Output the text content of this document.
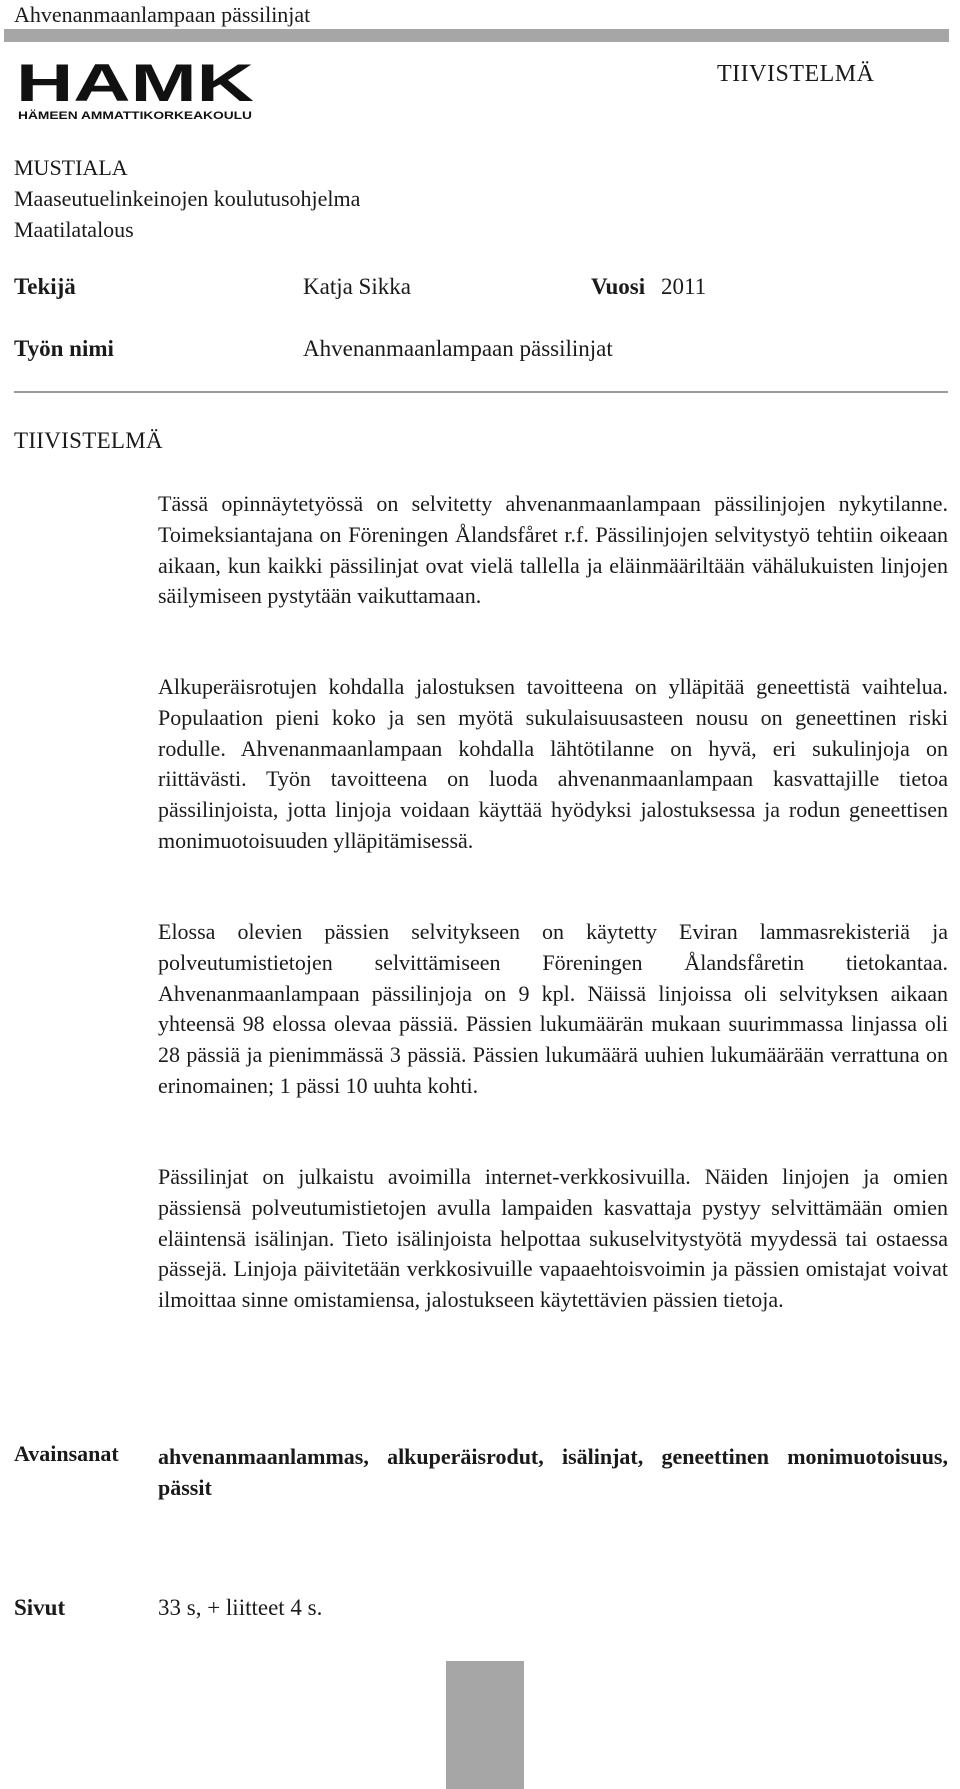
Ahvenanmaanlampaan pässilinjat
HAMK
HÄMEEN AMMATTIKORKEAKOULU
TIIVISTELMÄ
MUSTIALA
Maaseutuelinkeinojen koulutusohjelma
Maatilatalous
Tekijä	Katja Sikka	Vuosi 2011
Työn nimi	Ahvenanmaanlampaan pässilinjat
TIIVISTELMÄ

Tässä opinnäytetyössä on selvitetty ahvenanmaanlampaan pässilinjojen nykytilanne. Toimeksiantajana on Föreningen Ålandsfåret r.f. Pässilinjojen selvitystyö tehtiin oikeaan aikaan, kun kaikki pässilinjat ovat vielä tallella ja eläinmääriltään vähälukuisten linjojen säilymiseen pystytään vaikuttamaan.

Alkuperäisrotujen kohdalla jalostuksen tavoitteena on ylläpitää geneettistä vaihtelua. Populaation pieni koko ja sen myötä sukulaisuusasteen nousu on geneettinen riski rodulle. Ahvenanmaanlampaan kohdalla lähtötilanne on hyvä, eri sukulinjoja on riittävästi. Työn tavoitteena on luoda ahvenanmaanlampaan kasvattajille tietoa pässilinjoista, jotta linjoja voidaan käyttää hyödyksi jalostuksessa ja rodun geneettisen monimuotoisuuden ylläpitämisessä.

Elossa olevien pässien selvitykseen on käytetty Eviran lammasrekisteriä ja polveutumistietojen selvittämiseen Föreningen Ålandsfåretin tietokantaa. Ahvenanmaanlampaan pässilinjoja on 9 kpl. Näissä linjoissa oli selvityksen aikaan yhteensä 98 elossa olevaa pässiä. Pässien lukumäärän mukaan suurimmassa linjassa oli 28 pässiä ja pienimmässä 3 pässiä. Pässien lukumäärä uuhien lukumäärään verrattuna on erinomainen; 1 pässi 10 uuhta kohti.

Pässilinjat on julkaistu avoimilla internet-verkkosivuilla. Näiden linjojen ja omien pässiensä polveutumistietojen avulla lampaiden kasvattaja pystyy selvittämään omien eläintensä isälinjan. Tieto isälinjoista helpottaa sukuselvitystyötä myydessä tai ostaessa pässejä. Linjoja päivitetään verkkosivuille vapaaehtoisvoimin ja pässien omistajat voivat ilmoittaa sinne omistamiensa, jalostukseen käytettävien pässien tietoja.

Avainsanat ahvenanmaanlammas, alkuperäisrodut, isälinjat, geneettinen monimuotoisuus, pässit
Sivut	33 s, + liitteet 4 s.
